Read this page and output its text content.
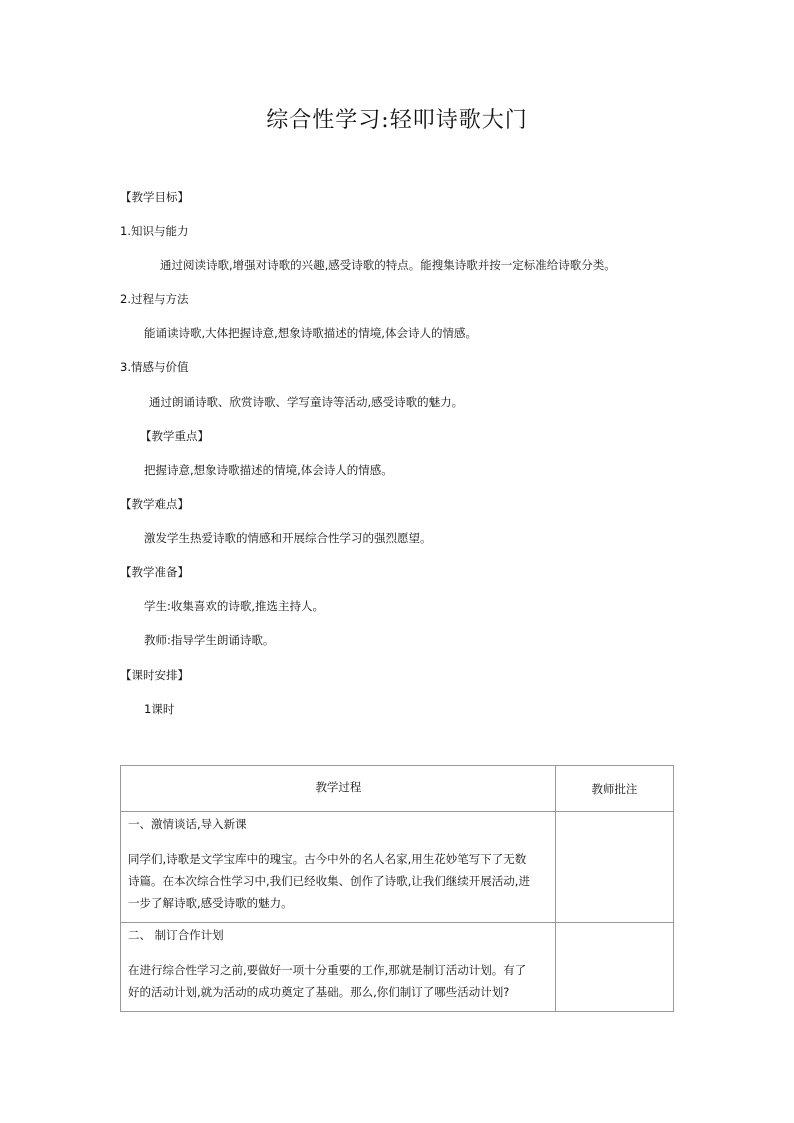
综合性学习:轻叩诗歌大门
【教学目标】
1.知识与能力
通过阅读诗歌,增强对诗歌的兴趣,感受诗歌的特点。能搜集诗歌并按一定标准给诗歌分类。
2.过程与方法
能诵读诗歌,大体把握诗意,想象诗歌描述的情境,体会诗人的情感。
3.情感与价值
通过朗诵诗歌、欣赏诗歌、学写童诗等活动,感受诗歌的魅力。
【教学重点】
把握诗意,想象诗歌描述的情境,体会诗人的情感。
【教学难点】
激发学生热爱诗歌的情感和开展综合性学习的强烈愿望。
【教学准备】
学生:收集喜欢的诗歌,推选主持人。
教师:指导学生朗诵诗歌。
【课时安排】
1课时
教学过程	教师批注

一、激情谈话,导入新课
同学们,诗歌是文学宝库中的瑰宝。古今中外的名人名家,用生花妙笔写下了无数
诗篇。在本次综合性学习中,我们已经收集、创作了诗歌,让我们继续开展活动,进
一步了解诗歌,感受诗歌的魅力。	

二、 制订合作计划
在进行综合性学习之前,要做好一项十分重要的工作,那就是制订活动计划。有了
好的活动计划,就为活动的成功奠定了基础。那么,你们制订了哪些活动计划?	
